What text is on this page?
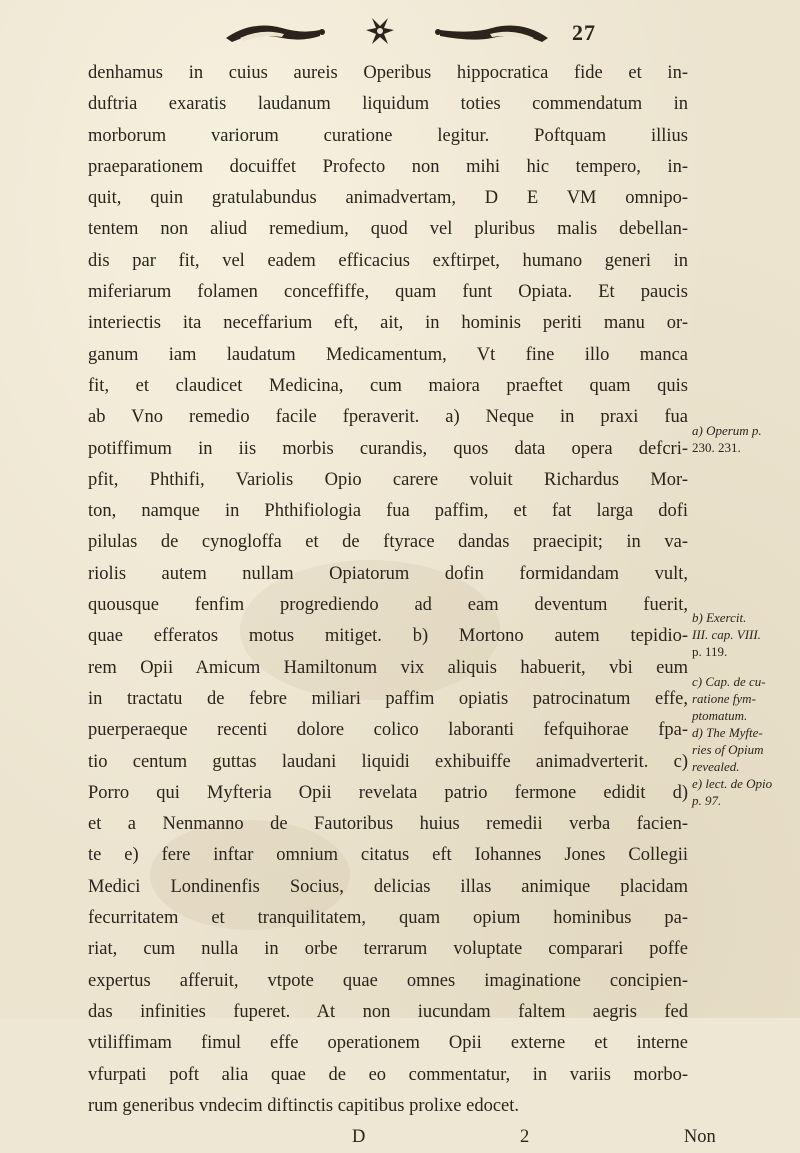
27
denhamus in cuius aureis Operibus hippocratica fide et in-
duftria exaratis laudanum liquidum toties commendatum in
morborum variorum curatione legitur. Poftquam illius
praeparationem docuiffet Profecto non mihi hic tempero, in-
quit, quin gratulabundus animadvertam, D E VM omnipo-
tentem non aliud remedium, quod vel pluribus malis debellan-
dis par fit, vel eadem efficacius exftirpet, humano generi in
miferiarum folamen conceffiffe, quam funt Opiata. Et paucis
interiectis ita neceffarium eft, ait, in hominis periti manu or-
ganum iam laudatum Medicamentum, Vt fine illo manca
fit, et claudicet Medicina, cum maiora praeftet quam quis
ab Vno remedio facile fperaverit. a) Neque in praxi fua
potiffimum in iis morbis curandis, quos data opera defcri-
pfit, Phthifi, Variolis Opio carere voluit Richardus Mor-
ton, namque in Phthifiologia fua paffim, et fat larga dofi
pilulas de cynogloffa et de ftyrace dandas praecipit; in va-
riolis autem nullam Opiatorum dofin formidandam vult,
quousque fenfim progrediendo ad eam deventum fuerit,
quae efferatos motus mitiget. b) Mortono autem tepidio-
rem Opii Amicum Hamiltonum vix aliquis habuerit, vbi eum
in tractatu de febre miliari paffim opiatis patrocinatum effe,
puerperaeque recenti dolore colico laboranti fefquihorae fpa-
tio centum guttas laudani liquidi exhibuiffe animadverterit. c)
Porro qui Myfteria Opii revelata patrio fermone edidit d)
et a Nenmanno de Fautoribus huius remedii verba facien-
te e) fere inftar omnium citatus eft Iohannes Jones Collegii
Medici Londinenfis Socius, delicias illas animique placidam
fecurritatem et tranquilitatem, quam opium hominibus pa-
riat, cum nulla in orbe terrarum voluptate comparari poffe
expertus afferuit, vtpote quae omnes imaginatione concipien-
das infinities fuperet. At non iucundam faltem aegris fed
vtiliffimam fimul effe operationem Opii externe et interne
vfurpati poft alia quae de eo commentatur, in variis morbo-
rum generibus vndecim diftinctis capitibus prolixe edocet.
D 2 Non
a) Operum p.
230. 231.
b) Exercit.
III. cap. VIII.
p. 119.
c) Cap. de cu-
ratione fym-
ptomatum.
d) The Myfte-
ries of Opium
revealed.
e) lect. de Opio
p. 97.
